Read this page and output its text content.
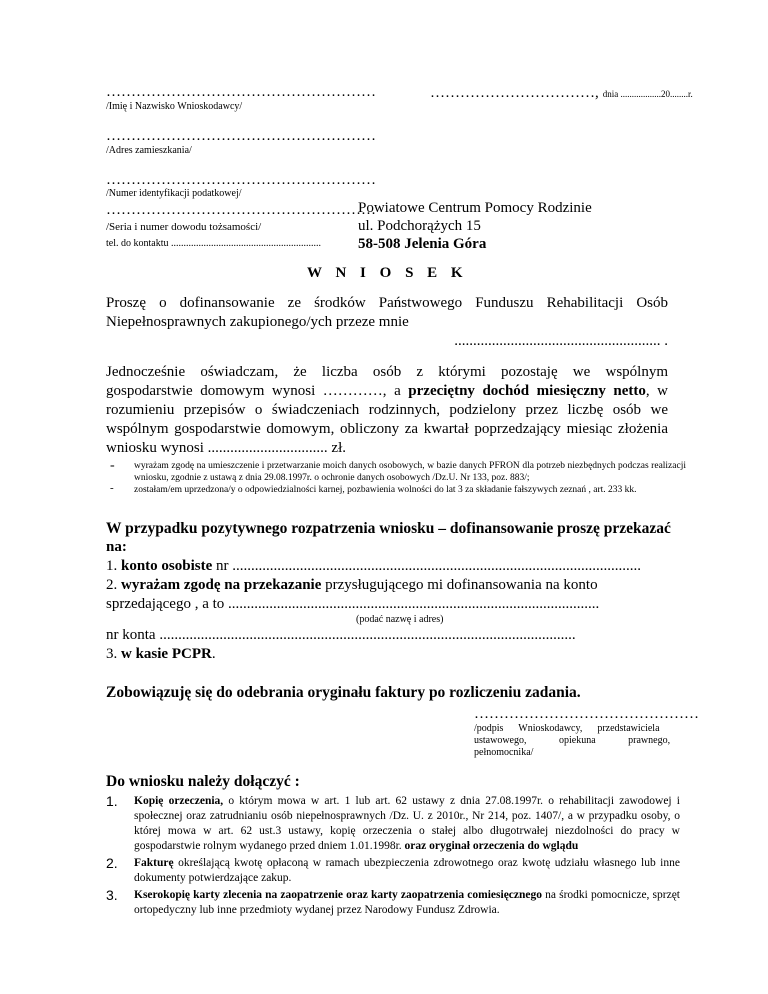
………………………………………………
/Imię i Nazwisko Wnioskodawcy/
………………………………………………
/Adres zamieszkania/
………………………………………………
/Numer identyfikacji podatkowej/
………………………………………………
/Seria i numer dowodu tożsamości/
tel. do kontaktu ............................................................
……………………………, dnia ..................20........r.
Powiatowe Centrum Pomocy Rodzinie
ul. Podchorążych 15
58-508 Jelenia Góra
W N I O S E K
Proszę o dofinansowanie ze środków Państwowego Funduszu Rehabilitacji Osób
Niepełnosprawnych zakupionego/ych przeze mnie
....................................................... .
Jednocześnie oświadczam, że liczba osób z którymi pozostaję we wspólnym
gospodarstwie domowym wynosi …………, a przeciętny dochód miesięczny netto, w
rozumieniu przepisów o świadczeniach rodzinnych, podzielony przez liczbę osób we
wspólnym gospodarstwie domowym, obliczony za kwartał poprzedzający miesiąc złożenia
wniosku wynosi ................................ zł.
- wyrażam zgodę na umieszczenie i przetwarzanie moich danych osobowych, w bazie danych PFRON dla potrzeb niezbędnych podczas realizacji wniosku, zgodnie z ustawą z dnia 29.08.1997r. o ochronie danych osobowych /Dz.U. Nr 133, poz. 883/;
- zostałam/em uprzedzona/y o odpowiedzialności karnej, pozbawienia wolności do lat 3 za składanie fałszywych zeznań , art. 233 kk.
W przypadku pozytywnego rozpatrzenia wniosku – dofinansowanie proszę przekazać
na:
1. konto osobiste nr .............................................................................................................
2. wyrażam zgodę na przekazanie przysługującego mi dofinansowania na konto
sprzedającego , a to ...................................................................................................
(podać nazwę i adres)
nr konta ...............................................................................................................
3. w kasie PCPR.
Zobowiązuję się do odebrania oryginału faktury po rozliczeniu zadania.
………………………………………
/podpis      Wnioskodawcy,      przedstawiciela
ustawowego,             opiekuna             prawnego,
pełnomocnika/
Do wniosku należy dołączyć :
1. Kopię orzeczenia, o którym mowa w art. 1 lub art. 62 ustawy z dnia 27.08.1997r. o rehabilitacji zawodowej i społecznej oraz zatrudnianiu osób niepełnosprawnych /Dz. U. z 2010r., Nr 214, poz. 1407/, a w przypadku osoby, o której mowa w art. 62 ust.3 ustawy, kopię orzeczenia o stałej albo długotrwałej niezdolności do pracy w gospodarstwie rolnym wydanego przed dniem 1.01.1998r. oraz oryginał orzeczenia do wglądu
2. Fakturę określającą kwotę opłaconą w ramach ubezpieczenia zdrowotnego oraz kwotę udziału własnego lub inne dokumenty potwierdzające zakup.
3. Kserokopię karty zlecenia na zaopatrzenie oraz karty zaopatrzenia comiesięcznego na środki pomocnicze, sprzęt ortopedyczny lub inne przedmioty wydanej przez Narodowy Fundusz Zdrowia.
